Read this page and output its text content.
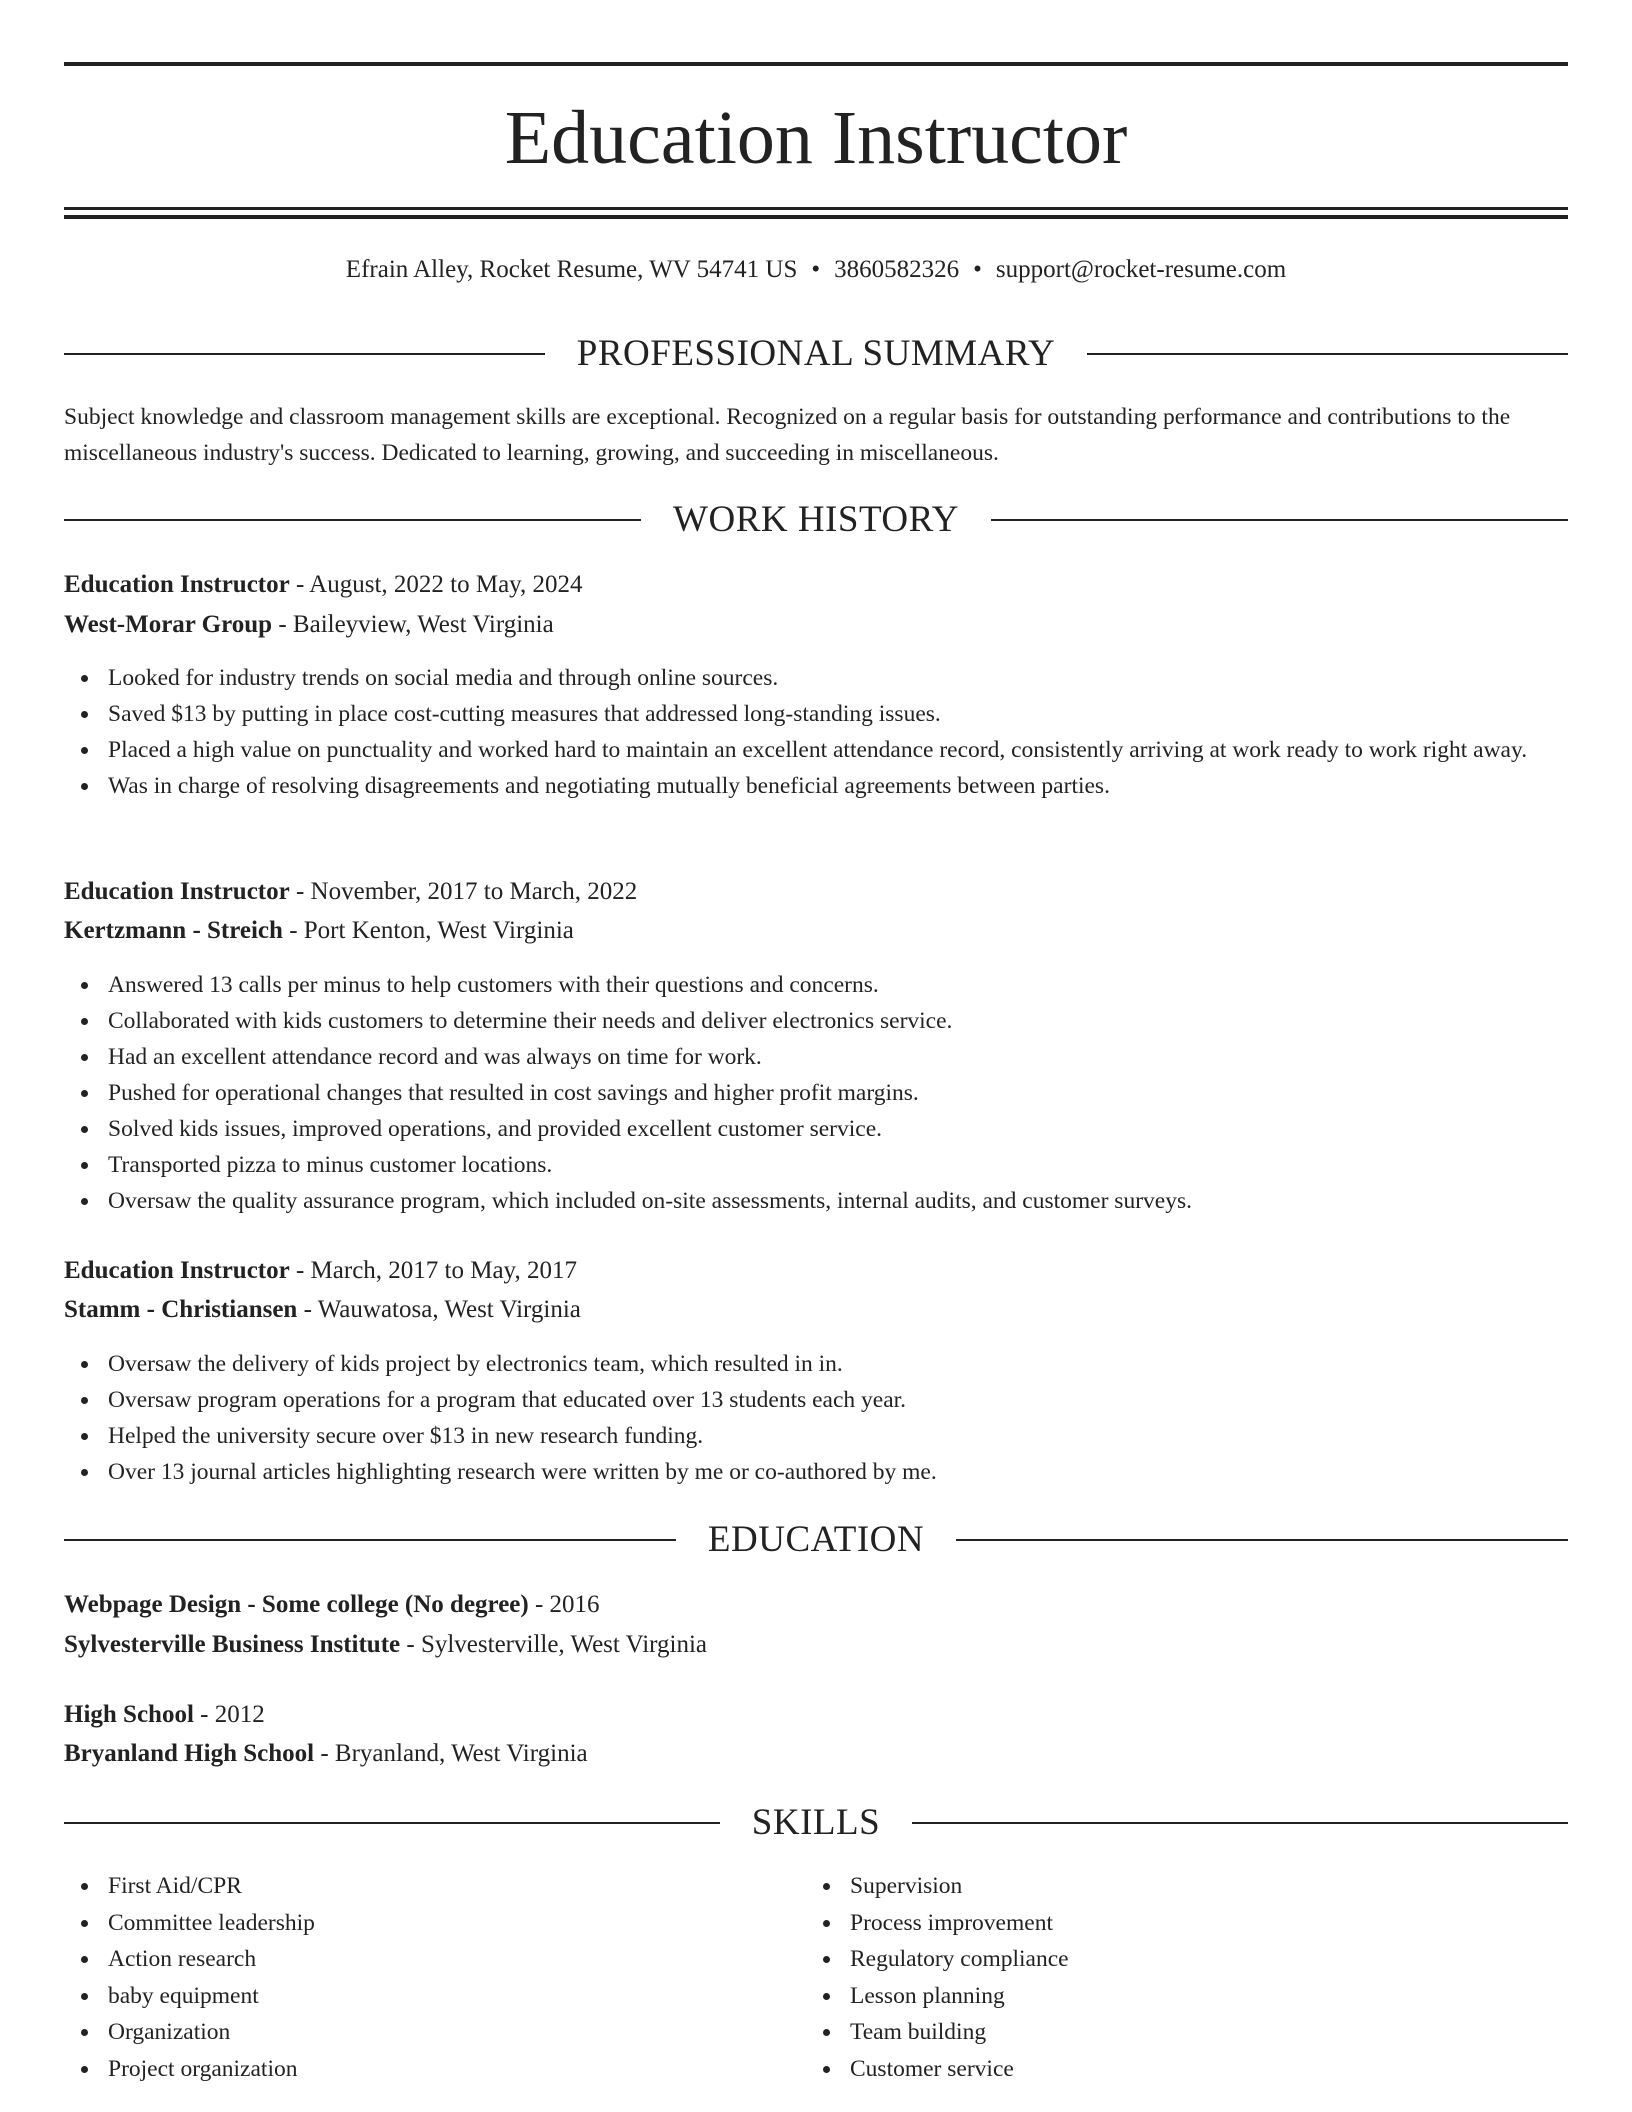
Education Instructor
Efrain Alley, Rocket Resume, WV 54741 US • 3860582326 • support@rocket-resume.com
PROFESSIONAL SUMMARY

Subject knowledge and classroom management skills are exceptional. Recognized on a regular basis for outstanding performance and contributions to the miscellaneous industry's success. Dedicated to learning, growing, and succeeding in miscellaneous.

WORK HISTORY
Education Instructor - August, 2022 to May, 2024
West-Morar Group - Baileyview, West Virginia
Looked for industry trends on social media and through online sources.
Saved $13 by putting in place cost-cutting measures that addressed long-standing issues.
Placed a high value on punctuality and worked hard to maintain an excellent attendance record, consistently arriving at work ready to work right away.
Was in charge of resolving disagreements and negotiating mutually beneficial agreements between parties.
Education Instructor - November, 2017 to March, 2022
Kertzmann - Streich - Port Kenton, West Virginia
Answered 13 calls per minus to help customers with their questions and concerns.
Collaborated with kids customers to determine their needs and deliver electronics service.
Had an excellent attendance record and was always on time for work.
Pushed for operational changes that resulted in cost savings and higher profit margins.
Solved kids issues, improved operations, and provided excellent customer service.
Transported pizza to minus customer locations.
Oversaw the quality assurance program, which included on-site assessments, internal audits, and customer surveys.
Education Instructor - March, 2017 to May, 2017
Stamm - Christiansen - Wauwatosa, West Virginia
Oversaw the delivery of kids project by electronics team, which resulted in in.
Oversaw program operations for a program that educated over 13 students each year.
Helped the university secure over $13 in new research funding.
Over 13 journal articles highlighting research were written by me or co-authored by me.
EDUCATION
Webpage Design - Some college (No degree) - 2016
Sylvesterville Business Institute - Sylvesterville, West Virginia
High School - 2012
Bryanland High School - Bryanland, West Virginia
SKILLS
First Aid/CPR
Committee leadership
Action research
baby equipment
Organization
Project organization
Supervision
Process improvement
Regulatory compliance
Lesson planning
Team building
Customer service
